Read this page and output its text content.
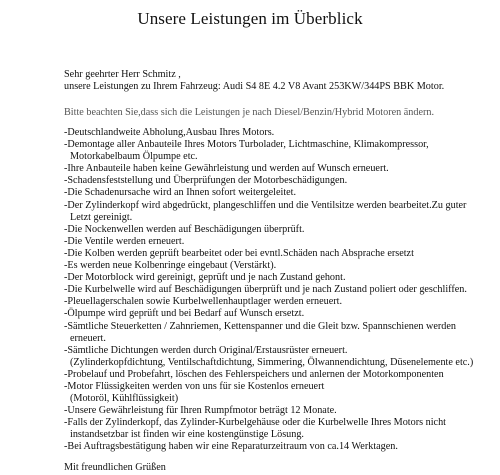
Unsere Leistungen im Überblick
Sehr geehrter Herr Schmitz ,
unsere Leistungen zu Ihrem Fahrzeug: Audi S4 8E 4.2 V8 Avant 253KW/344PS BBK Motor.
Bitte beachten Sie,dass sich die Leistungen je nach Diesel/Benzin/Hybrid Motoren ändern.
-Deutschlandweite Abholung,Ausbau Ihres Motors.
-Demontage aller Anbauteile Ihres Motors Turbolader, Lichtmaschine, Klimakompressor,
Motorkabelbaum Ölpumpe etc.
-Ihre Anbauteile haben keine Gewährleistung und werden auf Wunsch erneuert.
-Schadensfeststellung und Überprüfungen der Motorbeschädigungen.
-Die Schadenursache wird an Ihnen sofort weitergeleitet.
-Der Zylinderkopf wird abgedrückt, plangeschliffen und die Ventilsitze werden bearbeitet.Zu guter
Letzt gereinigt.
-Die Nockenwellen werden auf Beschädigungen überprüft.
-Die Ventile werden erneuert.
-Die Kolben werden geprüft bearbeitet oder bei evntl.Schäden nach Absprache ersetzt
-Es werden neue Kolbenringe eingebaut (Verstärkt).
-Der Motorblock wird gereinigt, geprüft und je nach Zustand gehont.
-Die Kurbelwelle wird auf Beschädigungen überprüft und je nach Zustand poliert oder geschliffen.
-Pleuellagerschalen sowie Kurbelwellenhauptlager werden erneuert.
-Ölpumpe wird geprüft und bei Bedarf auf Wunsch ersetzt.
-Sämtliche Steuerketten / Zahnriemen, Kettenspanner und die Gleit bzw. Spannschienen werden
erneuert.
-Sämtliche Dichtungen werden durch Original/Erstausrüster erneuert.
(Zylinderkopfdichtung, Ventilschaftdichtung, Simmering, Ölwannendichtung, Düsenelemente etc.)
-Probelauf und Probefahrt, löschen des Fehlerspeichers und anlernen der Motorkomponenten
-Motor Flüssigkeiten werden von uns für sie Kostenlos erneuert
(Motoröl, Kühlflüssigkeit)
-Unsere Gewährleistung für Ihren Rumpfmotor beträgt 12 Monate.
-Falls der Zylinderkopf, das Zylinder-Kurbelgehäuse oder die Kurbelwelle Ihres Motors nicht
instandsetzbar ist finden wir eine kostengünstige Lösung.
-Bei Auftragsbestätigung haben wir eine Reparaturzeitraum von ca.14 Werktagen.
Mit freundlichen Grüßen
